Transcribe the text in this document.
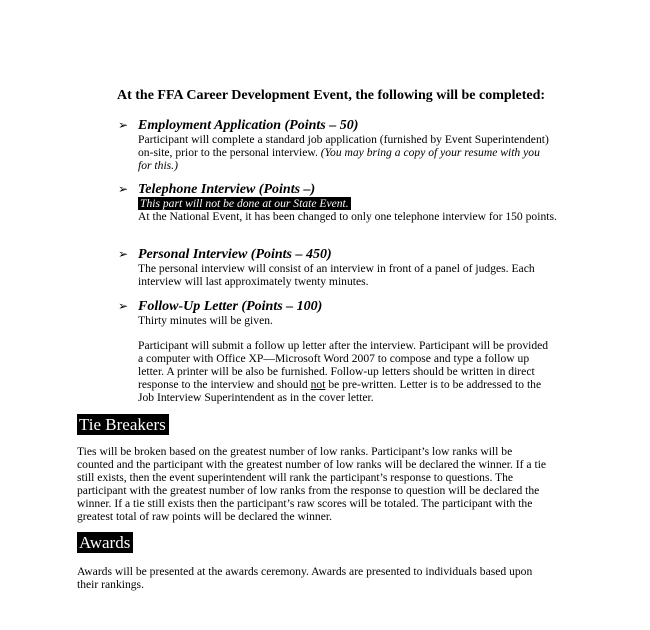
At the FFA Career Development Event, the following will be completed:
➢ Employment Application (Points – 50)
Participant will complete a standard job application (furnished by Event Superintendent) on-site, prior to the personal interview. (You may bring a copy of your resume with you for this.)
➢ Telephone Interview (Points –)
This part will not be done at our State Event.
At the National Event, it has been changed to only one telephone interview for 150 points.
➢ Personal Interview (Points – 450)
The personal interview will consist of an interview in front of a panel of judges. Each interview will last approximately twenty minutes.
➢ Follow-Up Letter (Points – 100)
Thirty minutes will be given.
Participant will submit a follow up letter after the interview. Participant will be provided a computer with Office XP—Microsoft Word 2007 to compose and type a follow up letter. A printer will be also be furnished. Follow-up letters should be written in direct response to the interview and should not be pre-written. Letter is to be addressed to the Job Interview Superintendent as in the cover letter.
Tie Breakers
Ties will be broken based on the greatest number of low ranks. Participant’s low ranks will be counted and the participant with the greatest number of low ranks will be declared the winner. If a tie still exists, then the event superintendent will rank the participant’s response to questions. The participant with the greatest number of low ranks from the response to question will be declared the winner. If a tie still exists then the participant’s raw scores will be totaled. The participant with the greatest total of raw points will be declared the winner.
Awards
Awards will be presented at the awards ceremony. Awards are presented to individuals based upon their rankings.
